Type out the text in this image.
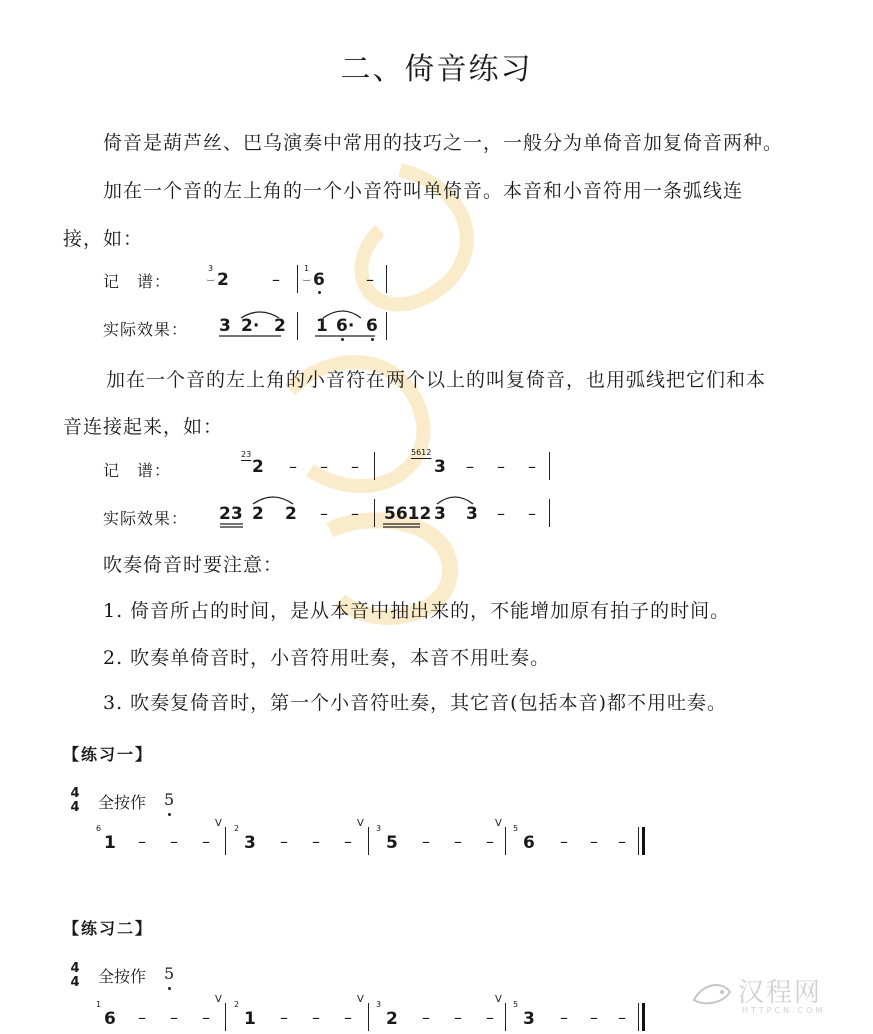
二、倚音练习
倚音是葫芦丝、巴乌演奏中常用的技巧之一，一般分为单倚音加复倚音两种。
加在一个音的左上角的一个小音符叫单倚音。本音和小音符用一条弧线连
接，如：
记　谱：
3
‿ 2	–
1
‿ 6	–
实际效果： 3 2· 2 1 6· 6
加在一个音的左上角的小音符在两个以上的叫复倚音，也用弧线把它们和本
音连接起来，如：
记　谱：
23
2 – – –
5612
3 – – –
实际效果： 23 2 2 – – 5612 3 3 – –
吹奏倚音时要注意：
1. 倚音所占的时间，是从本音中抽出来的，不能增加原有拍子的时间。
2. 吹奏单倚音时，小音符用吐奏，本音不用吐奏。
3. 吹奏复倚音时，第一个小音符吐奏，其它音(包括本音)都不用吐奏。
【练习一】
4
4 全按作 5
6
1 – – –
V 2
3 – – –
V 3
5 – – –
V 5
6 – – –
【练习二】
4
4 全按作 5
1
6 – – –
V 2
1 – – –
V 3
2 – – –
V 5
3 – – –
汉程网
HTTPCN.COM
